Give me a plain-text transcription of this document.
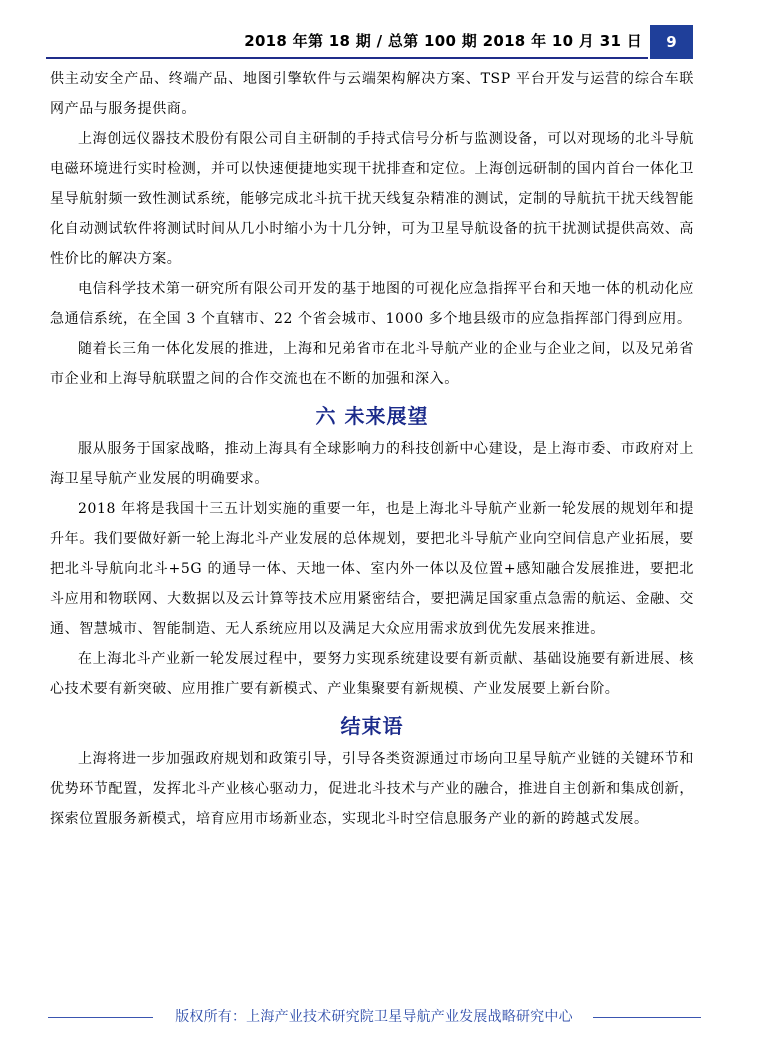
2018 年第 18 期 / 总第 100 期 2018 年 10 月 31 日 9

供主动安全产品、终端产品、地图引擎软件与云端架构解决方案、TSP 平台开发与运营的综合车联网产品与服务提供商。

上海创远仪器技术股份有限公司自主研制的手持式信号分析与监测设备，可以对现场的北斗导航电磁环境进行实时检测，并可以快速便捷地实现干扰排查和定位。上海创远研制的国内首台一体化卫星导航射频一致性测试系统，能够完成北斗抗干扰天线复杂精准的测试，定制的导航抗干扰天线智能化自动测试软件将测试时间从几小时缩小为十几分钟，可为卫星导航设备的抗干扰测试提供高效、高性价比的解决方案。

电信科学技术第一研究所有限公司开发的基于地图的可视化应急指挥平台和天地一体的机动化应急通信系统，在全国 3 个直辖市、22 个省会城市、1000 多个地县级市的应急指挥部门得到应用。

随着长三角一体化发展的推进，上海和兄弟省市在北斗导航产业的企业与企业之间，以及兄弟省市企业和上海导航联盟之间的合作交流也在不断的加强和深入。

六 未来展望

服从服务于国家战略，推动上海具有全球影响力的科技创新中心建设，是上海市委、市政府对上海卫星导航产业发展的明确要求。

2018 年将是我国十三五计划实施的重要一年，也是上海北斗导航产业新一轮发展的规划年和提升年。我们要做好新一轮上海北斗产业发展的总体规划，要把北斗导航产业向空间信息产业拓展，要把北斗导航向北斗+5G 的通导一体、天地一体、室内外一体以及位置+感知融合发展推进，要把北斗应用和物联网、大数据以及云计算等技术应用紧密结合，要把满足国家重点急需的航运、金融、交通、智慧城市、智能制造、无人系统应用以及满足大众应用需求放到优先发展来推进。

在上海北斗产业新一轮发展过程中，要努力实现系统建设要有新贡献、基础设施要有新进展、核心技术要有新突破、应用推广要有新模式、产业集聚要有新规模、产业发展要上新台阶。

结束语

上海将进一步加强政府规划和政策引导，引导各类资源通过市场向卫星导航产业链的关键环节和优势环节配置，发挥北斗产业核心驱动力，促进北斗技术与产业的融合，推进自主创新和集成创新，探索位置服务新模式，培育应用市场新业态，实现北斗时空信息服务产业的新的跨越式发展。

版权所有：上海产业技术研究院卫星导航产业发展战略研究中心
